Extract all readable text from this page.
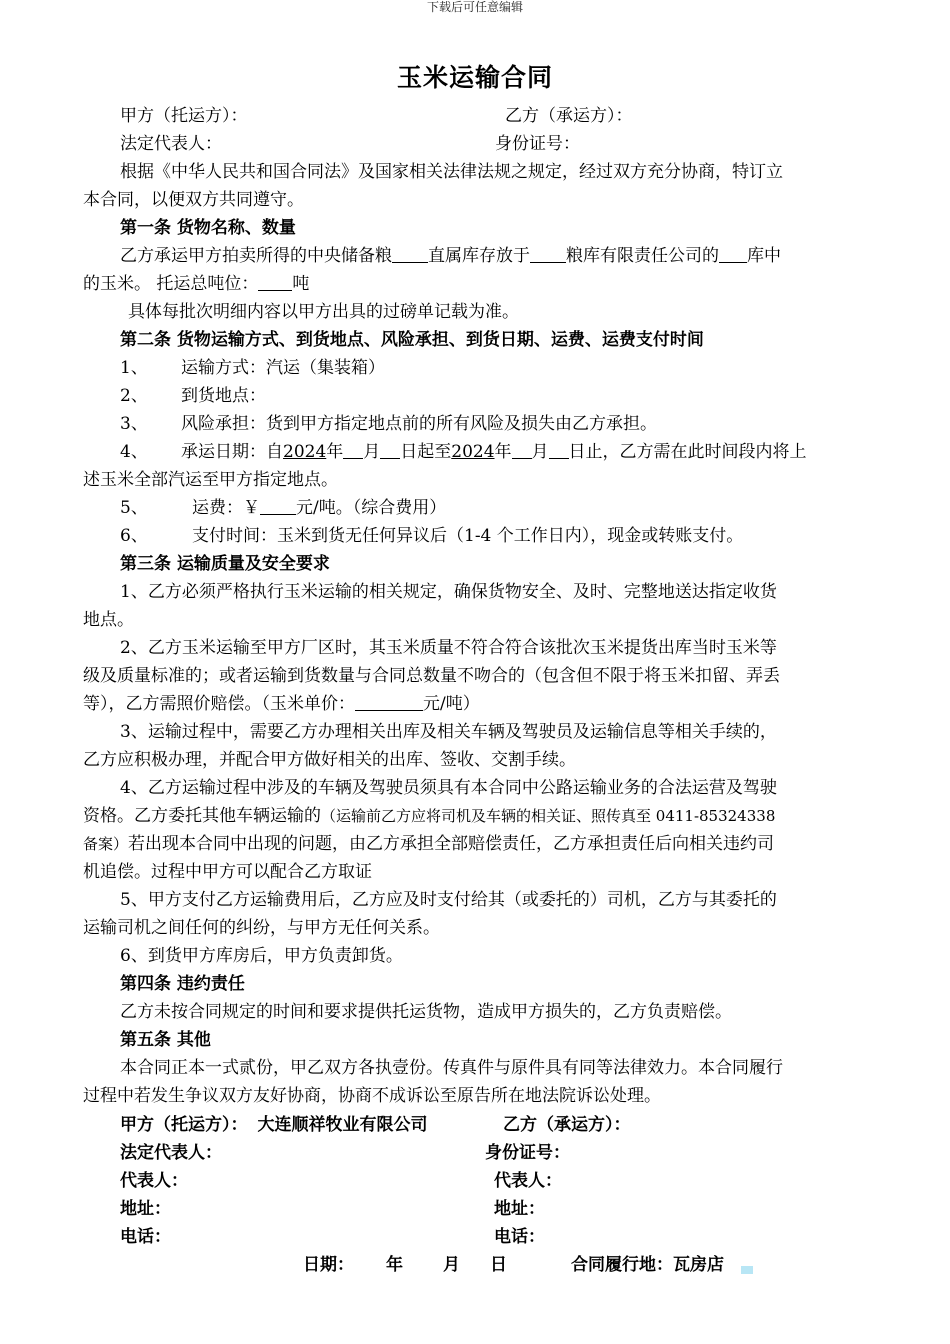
下载后可任意编辑
玉米运输合同
甲方（托运方）：	乙方（承运方）：
法定代表人：	身份证号：
根据《中华人民共和国合同法》及国家相关法律法规之规定，经过双方充分协商，特订立
本合同，以便双方共同遵守。
第一条 货物名称、数量
乙方承运甲方拍卖所得的中央储备粮 直属库存放于 粮库有限责任公司的 库中
的玉米。 托运总吨位： 吨
具体每批次明细内容以甲方出具的过磅单记载为准。
第二条 货物运输方式、到货地点、风险承担、到货日期、运费、运费支付时间
1、 运输方式：汽运（集装箱）
2、 到货地点：
3、 风险承担：货到甲方指定地点前的所有风险及损失由乙方承担。
4、 承运日期：自2024年 月 日起至2024年 月 日止，乙方需在此时间段内将上
述玉米全部汽运至甲方指定地点。
5、	运费：￥ 元/吨。（综合费用）
6、	支付时间：玉米到货无任何异议后（1-4 个工作日内），现金或转账支付。
第三条 运输质量及安全要求
1、乙方必须严格执行玉米运输的相关规定，确保货物安全、及时、完整地送达指定收货
地点。
2、乙方玉米运输至甲方厂区时，其玉米质量不符合符合该批次玉米提货出库当时玉米等
级及质量标准的；或者运输到货数量与合同总数量不吻合的（包含但不限于将玉米扣留、弄丢
等），乙方需照价赔偿。（玉米单价：	元/吨）
3、运输过程中，需要乙方办理相关出库及相关车辆及驾驶员及运输信息等相关手续的，
乙方应积极办理，并配合甲方做好相关的出库、签收、交割手续。
4、乙方运输过程中涉及的车辆及驾驶员须具有本合同中公路运输业务的合法运营及驾驶
资格。乙方委托其他车辆运输的（运输前乙方应将司机及车辆的相关证、照传真至 0411-85324338
备案）若出现本合同中出现的问题，由乙方承担全部赔偿责任，乙方承担责任后向相关违约司
机追偿。过程中甲方可以配合乙方取证
5、甲方支付乙方运输费用后，乙方应及时支付给其（或委托的）司机，乙方与其委托的
运输司机之间任何的纠纷，与甲方无任何关系。
6、到货甲方库房后，甲方负责卸货。
第四条 违约责任
乙方未按合同规定的时间和要求提供托运货物，造成甲方损失的，乙方负责赔偿。
第五条 其他
本合同正本一式贰份，甲乙双方各执壹份。传真件与原件具有同等法律效力。本合同履行
过程中若发生争议双方友好协商，协商不成诉讼至原告所在地法院诉讼处理。
甲方（托运方）： 大连顺祥牧业有限公司	乙方（承运方）：
法定代表人：	身份证号：
代表人：	代表人：
地址：	地址：
电话：	电话：
日期： 年 月 日	合同履行地：瓦房店
